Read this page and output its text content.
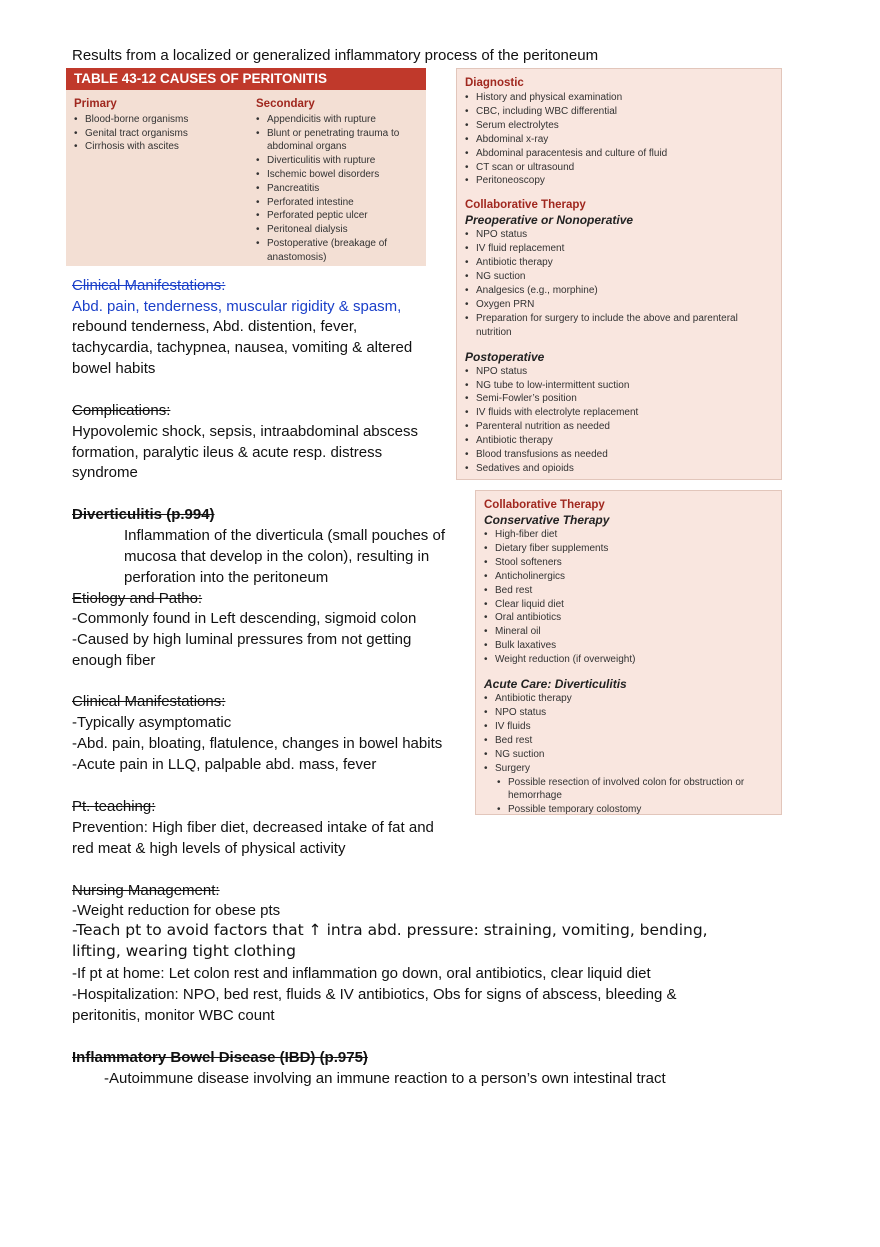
Results from a localized or generalized inflammatory process of the peritoneum
TABLE 43-12 CAUSES OF PERITONITIS
Primary
• Blood-borne organisms
• Genital tract organisms
• Cirrhosis with ascites
Secondary
• Appendicitis with rupture
• Blunt or penetrating trauma to abdominal organs
• Diverticulitis with rupture
• Ischemic bowel disorders
• Pancreatitis
• Perforated intestine
• Perforated peptic ulcer
• Peritoneal dialysis
• Postoperative (breakage of anastomosis)
Clinical Manifestations:
Abd. pain, tenderness, muscular rigidity & spasm,
rebound tenderness, Abd. distention, fever,
tachycardia, tachypnea, nausea, vomiting & altered
bowel habits
Complications:
Hypovolemic shock, sepsis, intraabdominal abscess
formation, paralytic ileus & acute resp. distress
syndrome
Diverticulitis (p.994)
Inflammation of the diverticula (small pouches of
mucosa that develop in the colon), resulting in
perforation into the peritoneum
Etiology and Patho:
-Commonly found in Left descending, sigmoid colon
-Caused by high luminal pressures from not getting
enough fiber
Clinical Manifestations:
-Typically asymptomatic
-Abd. pain, bloating, flatulence, changes in bowel habits
-Acute pain in LLQ, palpable abd. mass, fever
Pt. teaching:
Prevention: High fiber diet, decreased intake of fat and
red meat & high levels of physical activity
Nursing Management:
-Weight reduction for obese pts
-Teach pt to avoid factors that ↑ intra abd. pressure: straining, vomiting, bending,
lifting, wearing tight clothing
-If pt at home: Let colon rest and inflammation go down, oral antibiotics, clear liquid diet
-Hospitalization: NPO, bed rest, fluids & IV antibiotics, Obs for signs of abscess, bleeding &
peritonitis, monitor WBC count
Inflammatory Bowel Disease (IBD) (p.975)
-Autoimmune disease involving an immune reaction to a person’s own intestinal tract
Diagnostic
• History and physical examination
• CBC, including WBC differential
• Serum electrolytes
• Abdominal x-ray
• Abdominal paracentesis and culture of fluid
• CT scan or ultrasound
• Peritoneoscopy
Collaborative Therapy
Preoperative or Nonoperative
• NPO status
• IV fluid replacement
• Antibiotic therapy
• NG suction
• Analgesics (e.g., morphine)
• Oxygen PRN
• Preparation for surgery to include the above and parenteral nutrition
Postoperative
• NPO status
• NG tube to low-intermittent suction
• Semi-Fowler’s position
• IV fluids with electrolyte replacement
• Parenteral nutrition as needed
• Antibiotic therapy
• Blood transfusions as needed
• Sedatives and opioids
Collaborative Therapy
Conservative Therapy
• High-fiber diet
• Dietary fiber supplements
• Stool softeners
• Anticholinergics
• Bed rest
• Clear liquid diet
• Oral antibiotics
• Mineral oil
• Bulk laxatives
• Weight reduction (if overweight)
Acute Care: Diverticulitis
• Antibiotic therapy
• NPO status
• IV fluids
• Bed rest
• NG suction
• Surgery
• Possible resection of involved colon for obstruction or hemorrhage
• Possible temporary colostomy
